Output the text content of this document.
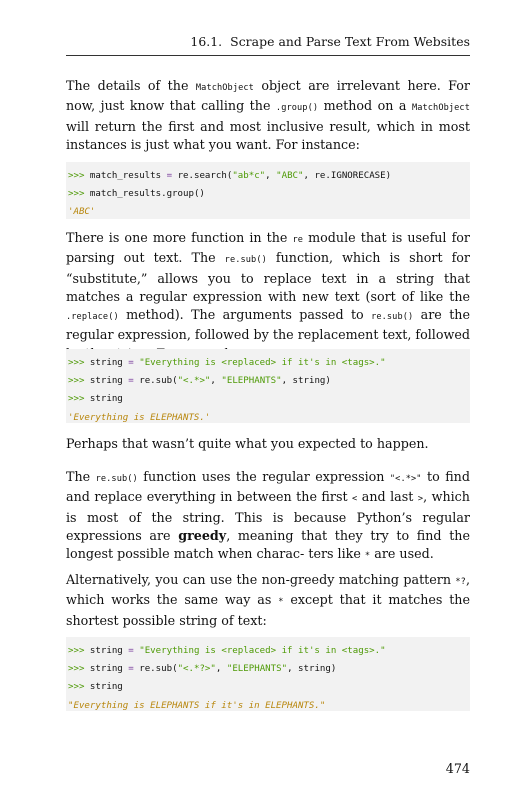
16.1. Scrape and Parse Text From Websites

The details of the MatchObject object are irrelevant here. For now, just know that calling the .group() method on a MatchObject will return the first and most inclusive result, which in most instances is just what you want. For instance:

>>> match_results = re.search("ab*c", "ABC", re.IGNORECASE)
>>> match_results.group()
'ABC'

There is one more function in the re module that is useful for parsing out text. The re.sub() function, which is short for “substitute,” allows you to replace text in a string that matches a regular expression with new text (sort of like the .replace() method). The arguments passed to re.sub() are the regular expression, followed by the replacement text, followed

>>> string = "Everything is <replaced> if it's in <tags>."
>>> string = re.sub("<.*>", "ELEPHANTS", string)
>>> string
'Everything is ELEPHANTS.'

Perhaps that wasn’t quite what you expected to happen.

The re.sub() function uses the regular expression "<.*>" to find and replace everything in between the first < and last >, which is most of the string. This is because Python’s regular expressions are greedy, meaning that they try to find the longest possible match when charac- ters like * are used.

Alternatively, you can use the non-greedy matching pattern *?, which works the same way as * except that it matches the shortest possible string of text:

>>> string = "Everything is <replaced> if it's in <tags>."
>>> string = re.sub("<.*?>", "ELEPHANTS", string)
>>> string
"Everything is ELEPHANTS if it's in ELEPHANTS."
474
